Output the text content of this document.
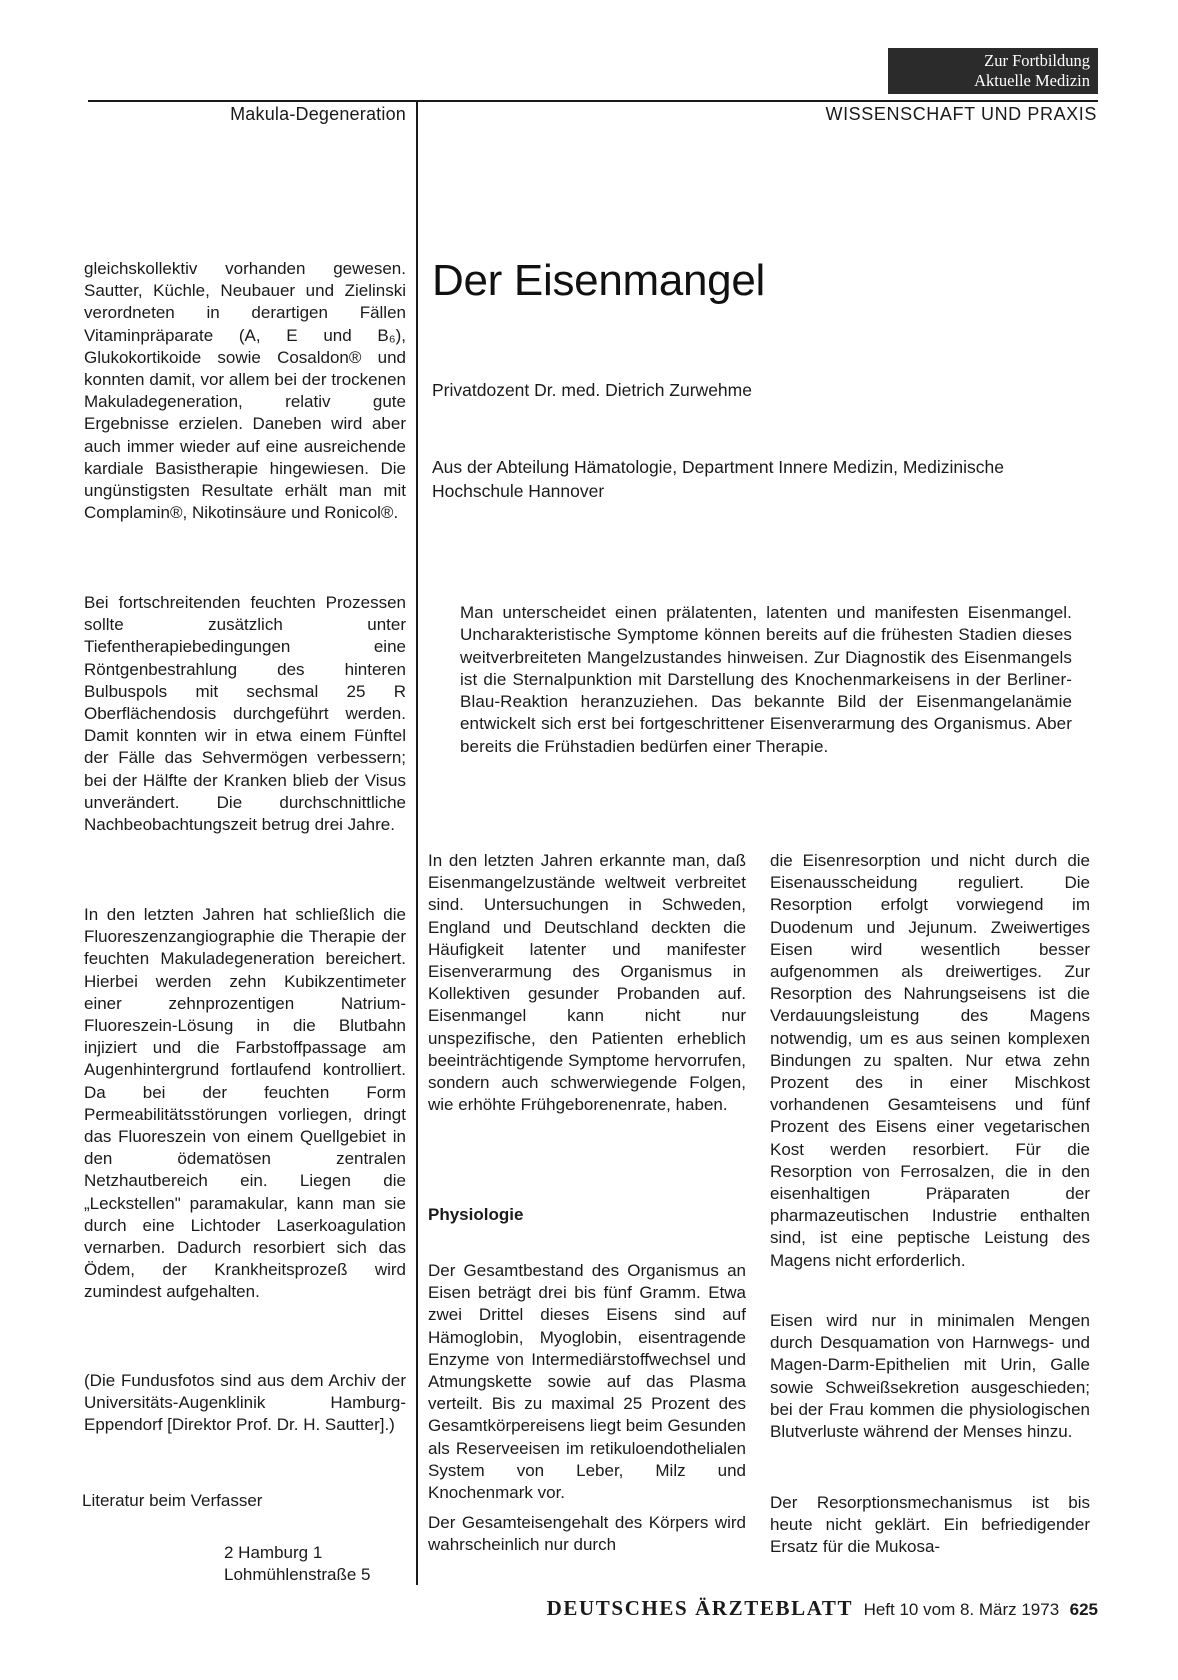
Zur Fortbildung
Aktuelle Medizin
Makula-Degeneration	WISSENSCHAFT UND PRAXIS

gleichskollektiv vorhanden gewesen. Sautter, Küchle, Neubauer und Zielinski verordneten in derartigen Fällen Vitaminpräparate (A, E und B₆), Glukokortikoide sowie Cosaldon® und konnten damit, vor allem bei der trockenen Makuladegeneration, relativ gute Ergebnisse erzielen. Daneben wird aber auch immer wieder auf eine ausreichende kardiale Basistherapie hingewiesen. Die ungünstigsten Resultate erhält man mit Complamin®, Nikotinsäure und Ronicol®.

Bei fortschreitenden feuchten Prozessen sollte zusätzlich unter Tiefentherapiebedingungen eine Röntgenbestrahlung des hinteren Bulbuspols mit sechsmal 25 R Oberflächendosis durchgeführt werden. Damit konnten wir in etwa einem Fünftel der Fälle das Sehvermögen verbessern; bei der Hälfte der Kranken blieb der Visus unverändert. Die durchschnittliche Nachbeobachtungszeit betrug drei Jahre.

In den letzten Jahren hat schließlich die Fluoreszenzangiographie die Therapie der feuchten Makuladegeneration bereichert. Hierbei werden zehn Kubikzentimeter einer zehnprozentigen Natrium-Fluoreszein-Lösung in die Blutbahn injiziert und die Farbstoffpassage am Augenhintergrund fortlaufend kontrolliert. Da bei der feuchten Form Permeabilitätsstörungen vorliegen, dringt das Fluoreszein von einem Quellgebiet in den ödematösen zentralen Netzhautbereich ein. Liegen die „Leckstellen" paramakular, kann man sie durch eine Lichtoder Laserkoagulation vernarben. Dadurch resorbiert sich das Ödem, der Krankheitsprozeß wird zumindest aufgehalten.

(Die Fundusfotos sind aus dem Archiv der Universitäts-Augenklinik Hamburg-Eppendorf [Direktor Prof. Dr. H. Sautter].)

Literatur beim Verfasser

2 Hamburg 1
Lohmühlenstraße 5
Der Eisenmangel

Privatdozent Dr. med. Dietrich Zurwehme

Aus der Abteilung Hämatologie, Department Innere Medizin, Medizinische Hochschule Hannover

Man unterscheidet einen prälatenten, latenten und manifesten Eisenmangel. Uncharakteristische Symptome können bereits auf die frühesten Stadien dieses weitverbreiteten Mangelzustandes hinweisen. Zur Diagnostik des Eisenmangels ist die Sternalpunktion mit Darstellung des Knochenmarkeisens in der Berliner-Blau-Reaktion heranzuziehen. Das bekannte Bild der Eisenmangelanämie entwickelt sich erst bei fortgeschrittener Eisenverarmung des Organismus. Aber bereits die Frühstadien bedürfen einer Therapie.

In den letzten Jahren erkannte man, daß Eisenmangelzustände weltweit verbreitet sind. Untersuchungen in Schweden, England und Deutschland deckten die Häufigkeit latenter und manifester Eisenverarmung des Organismus in Kollektiven gesunder Probanden auf. Eisenmangel kann nicht nur unspezifische, den Patienten erheblich beeinträchtigende Symptome hervorrufen, sondern auch schwerwiegende Folgen, wie erhöhte Frühgeborenenrate, haben.

Physiologie

Der Gesamtbestand des Organismus an Eisen beträgt drei bis fünf Gramm. Etwa zwei Drittel dieses Eisens sind auf Hämoglobin, Myoglobin, eisentragende Enzyme von Intermediärstoffwechsel und Atmungskette sowie auf das Plasma verteilt. Bis zu maximal 25 Prozent des Gesamtkörpereisens liegt beim Gesunden als Reserveeisen im retikuloendothelialen System von Leber, Milz und Knochenmark vor.

Der Gesamteisengehalt des Körpers wird wahrscheinlich nur durch

die Eisenresorption und nicht durch die Eisenausscheidung reguliert. Die Resorption erfolgt vorwiegend im Duodenum und Jejunum. Zweiwertiges Eisen wird wesentlich besser aufgenommen als dreiwertiges. Zur Resorption des Nahrungseisens ist die Verdauungsleistung des Magens notwendig, um es aus seinen komplexen Bindungen zu spalten. Nur etwa zehn Prozent des in einer Mischkost vorhandenen Gesamteisens und fünf Prozent des Eisens einer vegetarischen Kost werden resorbiert. Für die Resorption von Ferrosalzen, die in den eisenhaltigen Präparaten der pharmazeutischen Industrie enthalten sind, ist eine peptische Leistung des Magens nicht erforderlich.

Eisen wird nur in minimalen Mengen durch Desquamation von Harnwegs- und Magen-Darm-Epithelien mit Urin, Galle sowie Schweißsekretion ausgeschieden; bei der Frau kommen die physiologischen Blutverluste während der Menses hinzu.

Der Resorptionsmechanismus ist bis heute nicht geklärt. Ein befriedigender Ersatz für die Mukosa-

DEUTSCHES ÄRZTEBLATT Heft 10 vom 8. März 1973 625
